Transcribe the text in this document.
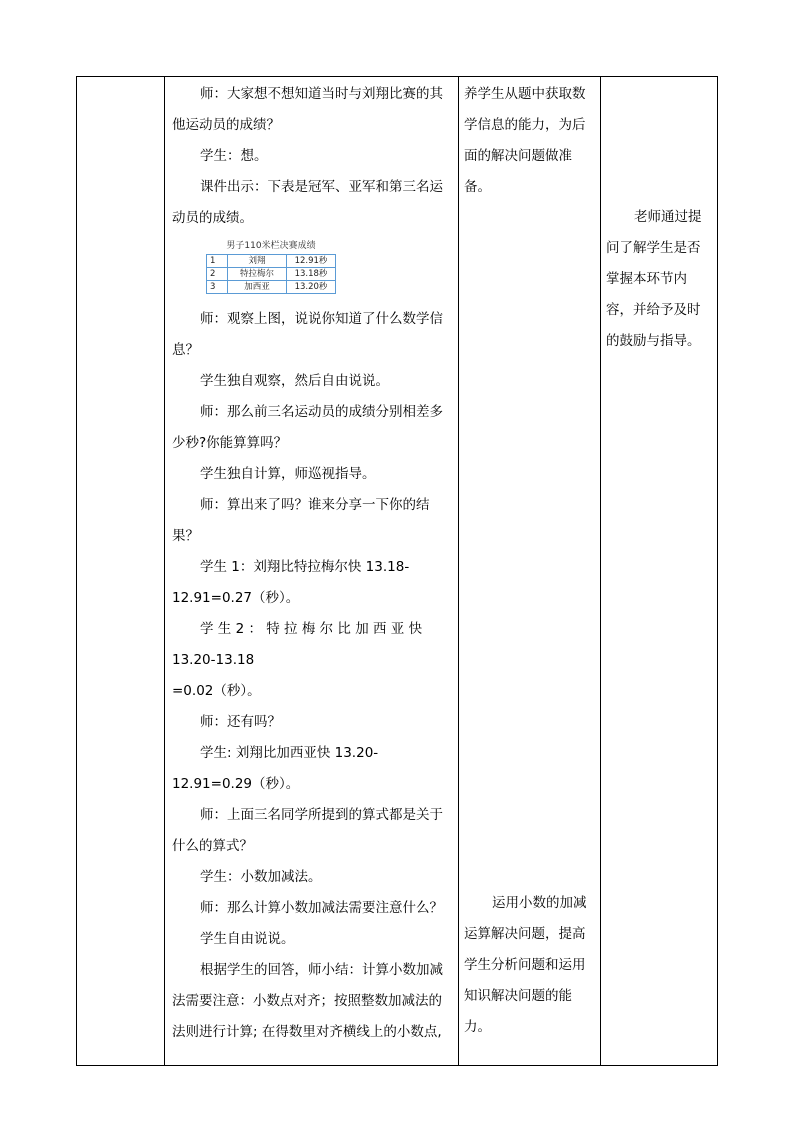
师：大家想不想知道当时与刘翔比赛的其他运动员的成绩？

学生：想。

课件出示：下表是冠军、亚军和第三名运动员的成绩。

男子110米栏决赛成绩
1	刘翔	12.91秒
2	特拉梅尔	13.18秒
3	加西亚	13.20秒

师：观察上图，说说你知道了什么数学信息？

学生独自观察，然后自由说说。

师：那么前三名运动员的成绩分别相差多少秒?你能算算吗？

学生独自计算，师巡视指导。

师：算出来了吗？谁来分享一下你的结果？

学生 1：刘翔比特拉梅尔快 13.18-12.91=0.27（秒）。

学 生 2 ： 特 拉 梅 尔 比 加 西 亚 快 13.20-13.18

=0.02（秒）。

师：还有吗？

学生: 刘翔比加西亚快 13.20-12.91=0.29（秒）。

师：上面三名同学所提到的算式都是关于什么的算式？

学生：小数加减法。

师：那么计算小数加减法需要注意什么？

学生自由说说。

根据学生的回答，师小结：计算小数加减法需要注意：小数点对齐；按照整数加减法的法则进行计算; 在得数里对齐横线上的小数点,

养学生从题中获取数学信息的能力，为后面的解决问题做准备。

运用小数的加减运算解决问题，提高学生分析问题和运用知识解决问题的能力。

老师通过提问了解学生是否掌握本环节内容，并给予及时的鼓励与指导。
